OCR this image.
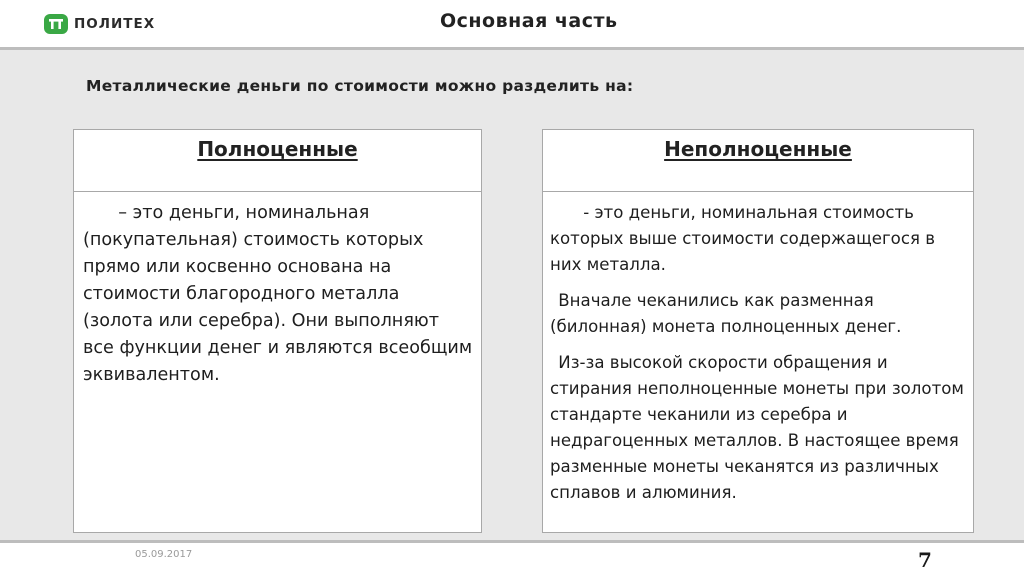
ПОЛИТЕХ	Основная часть
Металлические деньги по стоимости можно разделить на:
Полноценные

  – это деньги, номинальная (покупательная) стоимость которых прямо или косвенно основана на стоимости благородного металла (золота или серебра). Они выполняют все функции денег и являются всеобщим эквивалентом.

Неполноценные

  - это деньги, номинальная стоимость которых выше стоимости содержащегося в них металла.

 Вначале чеканились как разменная (билонная) монета полноценных денег.

 Из-за высокой скорости обращения и стирания неполноценные монеты при золотом стандарте чеканили из серебра и недрагоценных металлов. В настоящее время разменные монеты чеканятся из различных сплавов и алюминия.

05.09.2017	7
